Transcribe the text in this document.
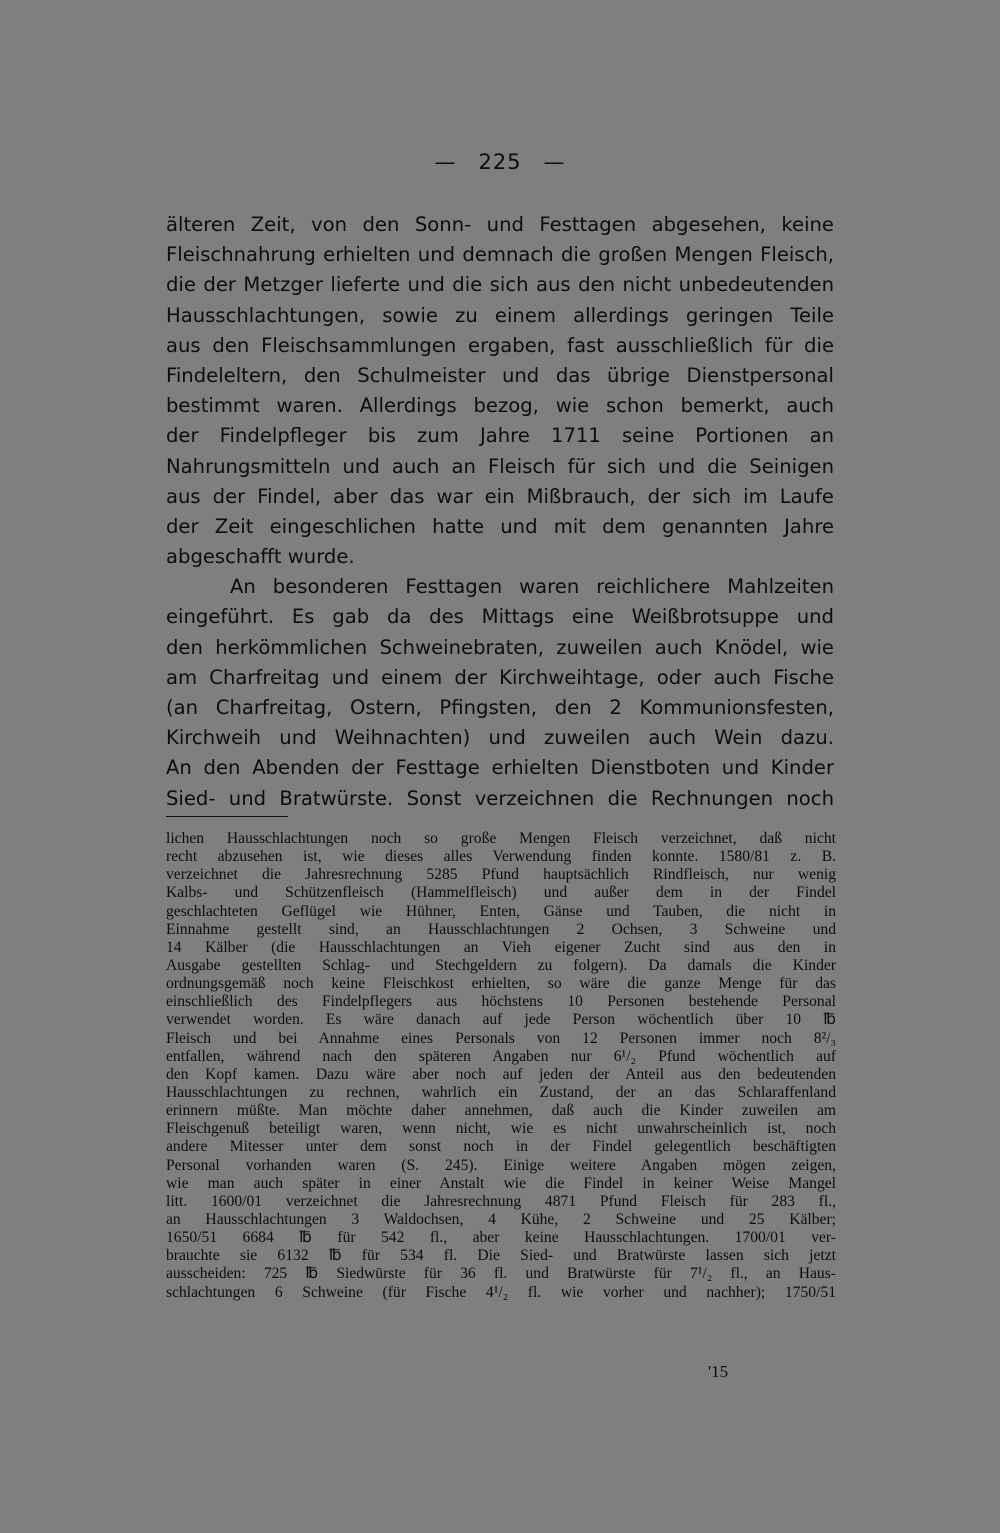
— 225 —
älteren Zeit, von den Sonn- und Festtagen abgesehen, keine
Fleischnahrung erhielten und demnach die großen Mengen Fleisch,
die der Metzger lieferte und die sich aus den nicht unbedeutenden
Hausschlachtungen, sowie zu einem allerdings geringen Teile
aus den Fleischsammlungen ergaben, fast ausschließlich für die
Findeleltern, den Schulmeister und das übrige Dienstpersonal
bestimmt waren. Allerdings bezog, wie schon bemerkt, auch
der Findelpfleger bis zum Jahre 1711 seine Portionen an
Nahrungsmitteln und auch an Fleisch für sich und die Seinigen
aus der Findel, aber das war ein Mißbrauch, der sich im Laufe
der Zeit eingeschlichen hatte und mit dem genannten Jahre
abgeschafft wurde.
An besonderen Festtagen waren reichlichere Mahlzeiten
eingeführt. Es gab da des Mittags eine Weißbrotsuppe und
den herkömmlichen Schweinebraten, zuweilen auch Knödel, wie
am Charfreitag und einem der Kirchweihtage, oder auch Fische
(an Charfreitag, Ostern, Pfingsten, den 2 Kommunionsfesten,
Kirchweih und Weihnachten) und zuweilen auch Wein dazu.
An den Abenden der Festtage erhielten Dienstboten und Kinder
Sied- und Bratwürste. Sonst verzeichnen die Rechnungen noch
lichen Hausschlachtungen noch so große Mengen Fleisch verzeichnet, daß nicht
recht abzusehen ist, wie dieses alles Verwendung finden konnte. 1580/81 z. B.
verzeichnet die Jahresrechnung 5285 Pfund hauptsächlich Rindfleisch, nur wenig
Kalbs- und Schützenfleisch (Hammelfleisch) und außer dem in der Findel
geschlachteten Geflügel wie Hühner, Enten, Gänse und Tauben, die nicht in
Einnahme gestellt sind, an Hausschlachtungen 2 Ochsen, 3 Schweine und
14 Kälber (die Hausschlachtungen an Vieh eigener Zucht sind aus den in
Ausgabe gestellten Schlag- und Stechgeldern zu folgern). Da damals die Kinder
ordnungsgemäß noch keine Fleischkost erhielten, so wäre die ganze Menge für das
einschließlich des Findelpflegers aus höchstens 10 Personen bestehende Personal
verwendet worden. Es wäre danach auf jede Person wöchentlich über 10 ℔
Fleisch und bei Annahme eines Personals von 12 Personen immer noch 8²/₃
entfallen, während nach den späteren Angaben nur 6¹/₂ Pfund wöchentlich auf
den Kopf kamen. Dazu wäre aber noch auf jeden der Anteil aus den bedeutenden
Hausschlachtungen zu rechnen, wahrlich ein Zustand, der an das Schlaraffenland
erinnern müßte. Man möchte daher annehmen, daß auch die Kinder zuweilen am
Fleischgenuß beteiligt waren, wenn nicht, wie es nicht unwahrscheinlich ist, noch
andere Mitesser unter dem sonst noch in der Findel gelegentlich beschäftigten
Personal vorhanden waren (S. 245). Einige weitere Angaben mögen zeigen,
wie man auch später in einer Anstalt wie die Findel in keiner Weise Mangel
litt. 1600/01 verzeichnet die Jahresrechnung 4871 Pfund Fleisch für 283 fl.,
an Hausschlachtungen 3 Waldochsen, 4 Kühe, 2 Schweine und 25 Kälber;
1650/51 6684 ℔ für 542 fl., aber keine Hausschlachtungen. 1700/01 ver-
brauchte sie 6132 ℔ für 534 fl. Die Sied- und Bratwürste lassen sich jetzt
ausscheiden: 725 ℔ Siedwürste für 36 fl. und Bratwürste für 7¹/₂ fl., an Haus-
schlachtungen 6 Schweine (für Fische 4¹/₂ fl. wie vorher und nachher); 1750/51
'15
